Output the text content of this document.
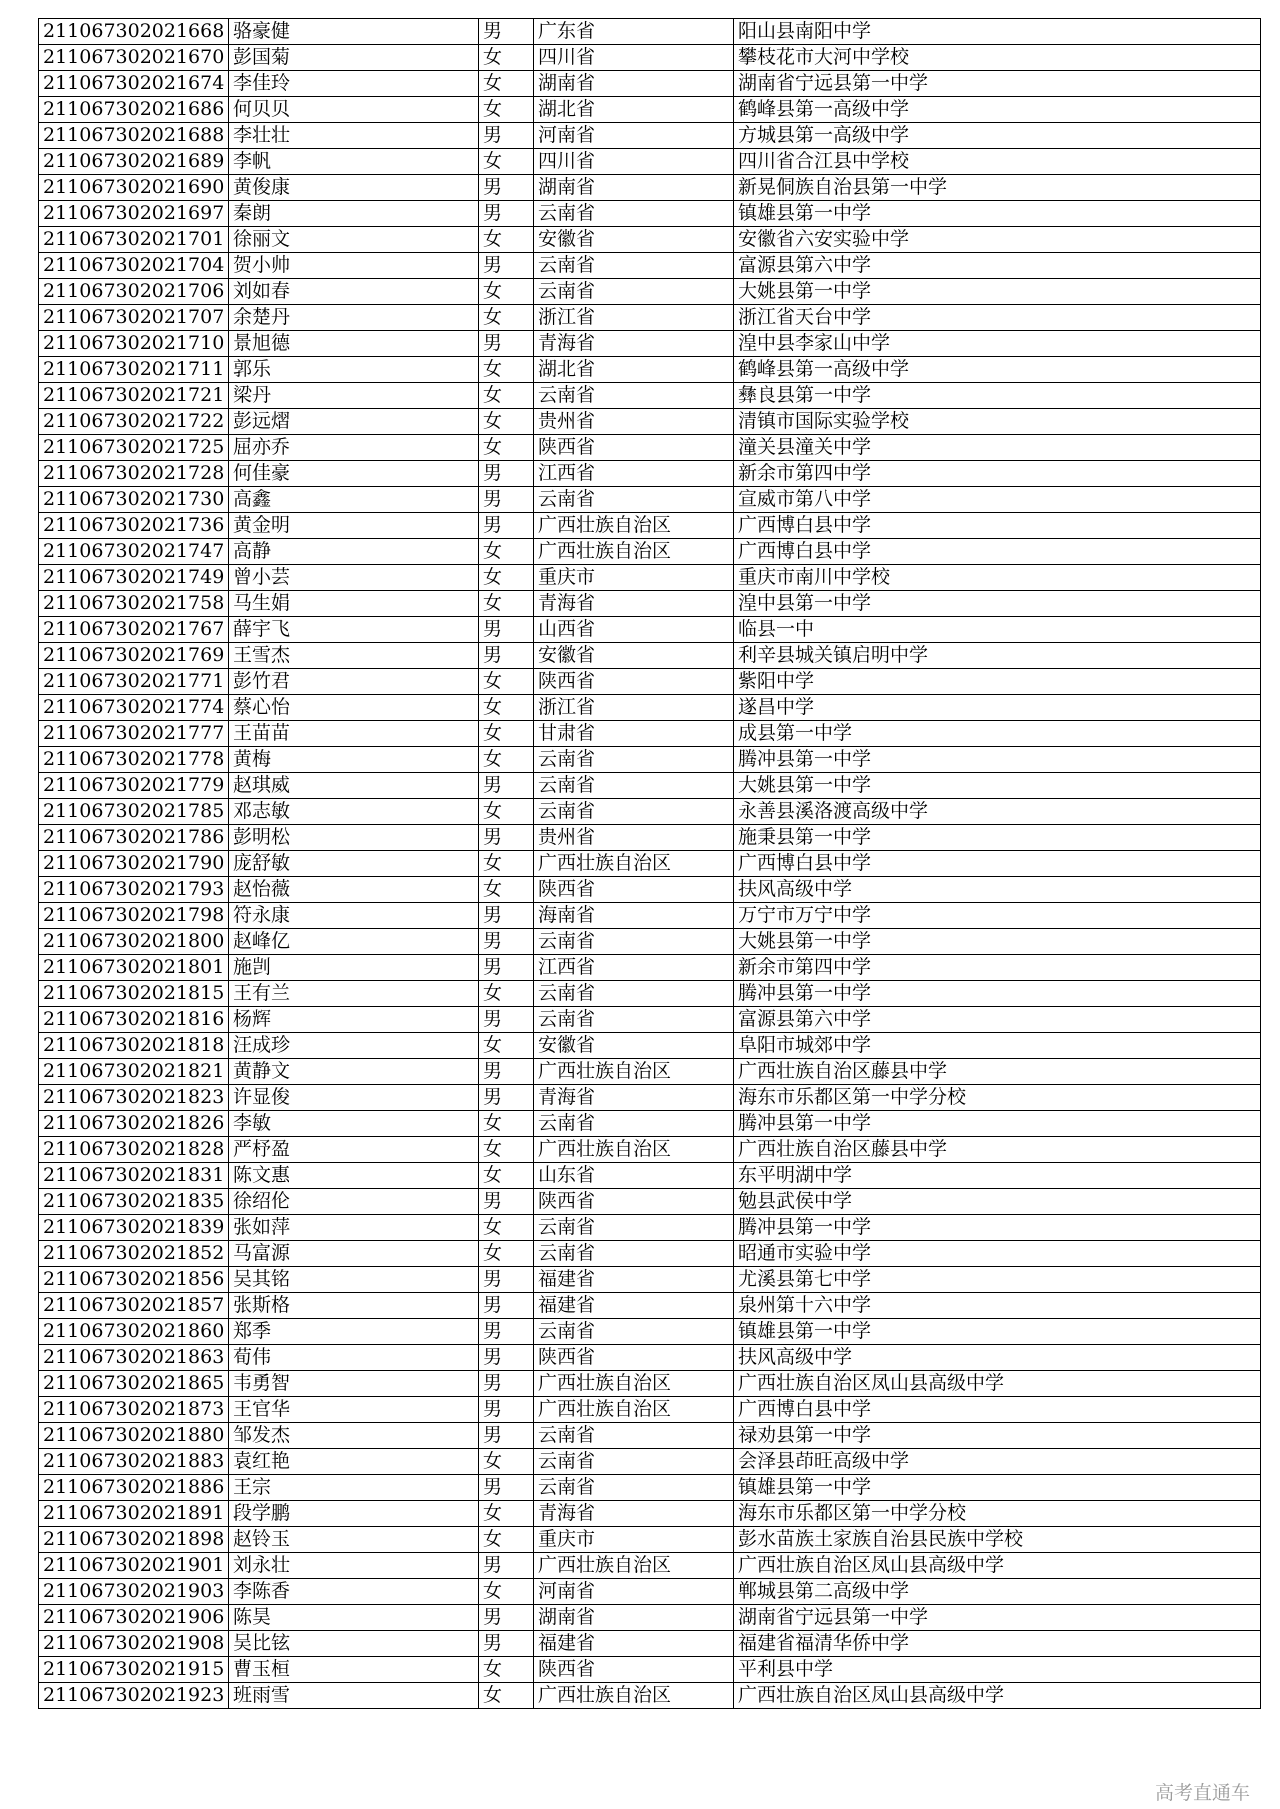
211067302021668	骆豪健	男	广东省	阳山县南阳中学
211067302021670	彭国菊	女	四川省	攀枝花市大河中学校
211067302021674	李佳玲	女	湖南省	湖南省宁远县第一中学
211067302021686	何贝贝	女	湖北省	鹤峰县第一高级中学
211067302021688	李壮壮	男	河南省	方城县第一高级中学
211067302021689	李帆	女	四川省	四川省合江县中学校
211067302021690	黄俊康	男	湖南省	新晃侗族自治县第一中学
211067302021697	秦朗	男	云南省	镇雄县第一中学
211067302021701	徐丽文	女	安徽省	安徽省六安实验中学
211067302021704	贺小帅	男	云南省	富源县第六中学
211067302021706	刘如春	女	云南省	大姚县第一中学
211067302021707	余楚丹	女	浙江省	浙江省天台中学
211067302021710	景旭德	男	青海省	湟中县李家山中学
211067302021711	郭乐	女	湖北省	鹤峰县第一高级中学
211067302021721	梁丹	女	云南省	彝良县第一中学
211067302021722	彭远熠	女	贵州省	清镇市国际实验学校
211067302021725	屈亦乔	女	陕西省	潼关县潼关中学
211067302021728	何佳豪	男	江西省	新余市第四中学
211067302021730	高鑫	男	云南省	宣威市第八中学
211067302021736	黄金明	男	广西壮族自治区	广西博白县中学
211067302021747	高静	女	广西壮族自治区	广西博白县中学
211067302021749	曾小芸	女	重庆市	重庆市南川中学校
211067302021758	马生娟	女	青海省	湟中县第一中学
211067302021767	薛宇飞	男	山西省	临县一中
211067302021769	王雪杰	男	安徽省	利辛县城关镇启明中学
211067302021771	彭竹君	女	陕西省	紫阳中学
211067302021774	蔡心怡	女	浙江省	遂昌中学
211067302021777	王苗苗	女	甘肃省	成县第一中学
211067302021778	黄梅	女	云南省	腾冲县第一中学
211067302021779	赵琪威	男	云南省	大姚县第一中学
211067302021785	邓志敏	女	云南省	永善县溪洛渡高级中学
211067302021786	彭明松	男	贵州省	施秉县第一中学
211067302021790	庞舒敏	女	广西壮族自治区	广西博白县中学
211067302021793	赵怡薇	女	陕西省	扶风高级中学
211067302021798	符永康	男	海南省	万宁市万宁中学
211067302021800	赵峰亿	男	云南省	大姚县第一中学
211067302021801	施剀	男	江西省	新余市第四中学
211067302021815	王有兰	女	云南省	腾冲县第一中学
211067302021816	杨辉	男	云南省	富源县第六中学
211067302021818	汪成珍	女	安徽省	阜阳市城郊中学
211067302021821	黄静文	男	广西壮族自治区	广西壮族自治区藤县中学
211067302021823	许显俊	男	青海省	海东市乐都区第一中学分校
211067302021826	李敏	女	云南省	腾冲县第一中学
211067302021828	严杼盈	女	广西壮族自治区	广西壮族自治区藤县中学
211067302021831	陈文惠	女	山东省	东平明湖中学
211067302021835	徐绍伦	男	陕西省	勉县武侯中学
211067302021839	张如萍	女	云南省	腾冲县第一中学
211067302021852	马富源	女	云南省	昭通市实验中学
211067302021856	吴其铭	男	福建省	尤溪县第七中学
211067302021857	张斯格	男	福建省	泉州第十六中学
211067302021860	郑季	男	云南省	镇雄县第一中学
211067302021863	荀伟	男	陕西省	扶风高级中学
211067302021865	韦勇智	男	广西壮族自治区	广西壮族自治区凤山县高级中学
211067302021873	王官华	男	广西壮族自治区	广西博白县中学
211067302021880	邹发杰	男	云南省	禄劝县第一中学
211067302021883	袁红艳	女	云南省	会泽县茚旺高级中学
211067302021886	王宗	男	云南省	镇雄县第一中学
211067302021891	段学鹏	女	青海省	海东市乐都区第一中学分校
211067302021898	赵铃玉	女	重庆市	彭水苗族土家族自治县民族中学校
211067302021901	刘永壮	男	广西壮族自治区	广西壮族自治区凤山县高级中学
211067302021903	李陈香	女	河南省	郸城县第二高级中学
211067302021906	陈昊	男	湖南省	湖南省宁远县第一中学
211067302021908	吴比铉	男	福建省	福建省福清华侨中学
211067302021915	曹玉桓	女	陕西省	平利县中学
211067302021923	班雨雪	女	广西壮族自治区	广西壮族自治区凤山县高级中学
高考直通车
